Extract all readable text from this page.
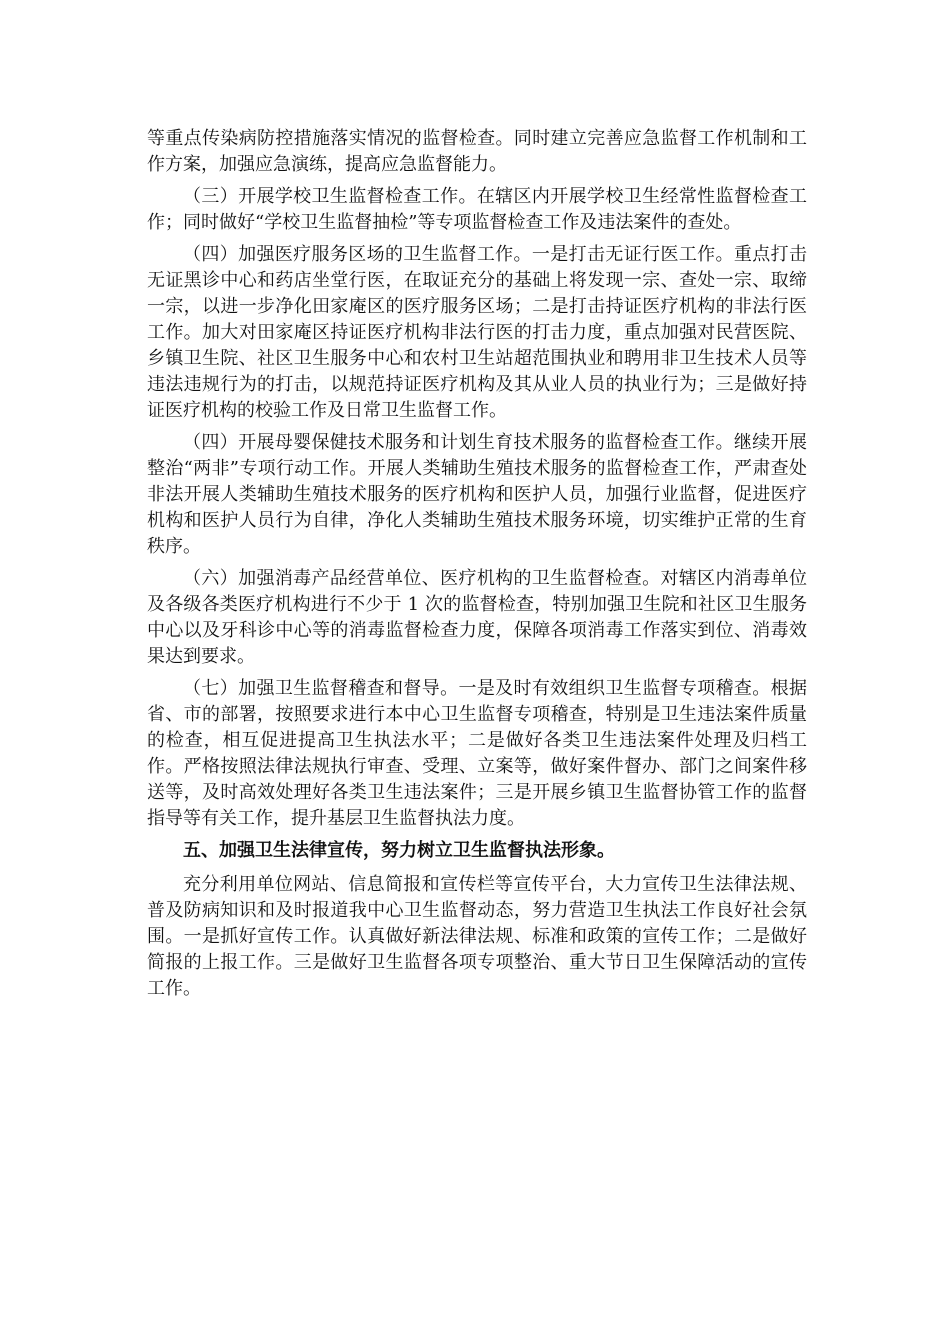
等重点传染病防控措施落实情况的监督检查。同时建立完善应急监督工作机制和工作方案，加强应急演练，提高应急监督能力。

（三）开展学校卫生监督检查工作。在辖区内开展学校卫生经常性监督检查工作；同时做好“学校卫生监督抽检”等专项监督检查工作及违法案件的查处。

（四）加强医疗服务区场的卫生监督工作。一是打击无证行医工作。重点打击无证黑诊中心和药店坐堂行医，在取证充分的基础上将发现一宗、查处一宗、取缔一宗，以进一步净化田家庵区的医疗服务区场；二是打击持证医疗机构的非法行医工作。加大对田家庵区持证医疗机构非法行医的打击力度，重点加强对民营医院、乡镇卫生院、社区卫生服务中心和农村卫生站超范围执业和聘用非卫生技术人员等违法违规行为的打击，以规范持证医疗机构及其从业人员的执业行为；三是做好持证医疗机构的校验工作及日常卫生监督工作。

（四）开展母婴保健技术服务和计划生育技术服务的监督检查工作。继续开展整治“两非”专项行动工作。开展人类辅助生殖技术服务的监督检查工作，严肃查处非法开展人类辅助生殖技术服务的医疗机构和医护人员，加强行业监督，促进医疗机构和医护人员行为自律，净化人类辅助生殖技术服务环境，切实维护正常的生育秩序。

（六）加强消毒产品经营单位、医疗机构的卫生监督检查。对辖区内消毒单位及各级各类医疗机构进行不少于 1 次的监督检查，特别加强卫生院和社区卫生服务中心以及牙科诊中心等的消毒监督检查力度，保障各项消毒工作落实到位、消毒效果达到要求。

（七）加强卫生监督稽查和督导。一是及时有效组织卫生监督专项稽查。根据省、市的部署，按照要求进行本中心卫生监督专项稽查，特别是卫生违法案件质量的检查，相互促进提高卫生执法水平；二是做好各类卫生违法案件处理及归档工作。严格按照法律法规执行审查、受理、立案等，做好案件督办、部门之间案件移送等，及时高效处理好各类卫生违法案件；三是开展乡镇卫生监督协管工作的监督指导等有关工作，提升基层卫生监督执法力度。

五、加强卫生法律宣传，努力树立卫生监督执法形象。

充分利用单位网站、信息简报和宣传栏等宣传平台，大力宣传卫生法律法规、普及防病知识和及时报道我中心卫生监督动态，努力营造卫生执法工作良好社会氛围。一是抓好宣传工作。认真做好新法律法规、标准和政策的宣传工作；二是做好简报的上报工作。三是做好卫生监督各项专项整治、重大节日卫生保障活动的宣传工作。
